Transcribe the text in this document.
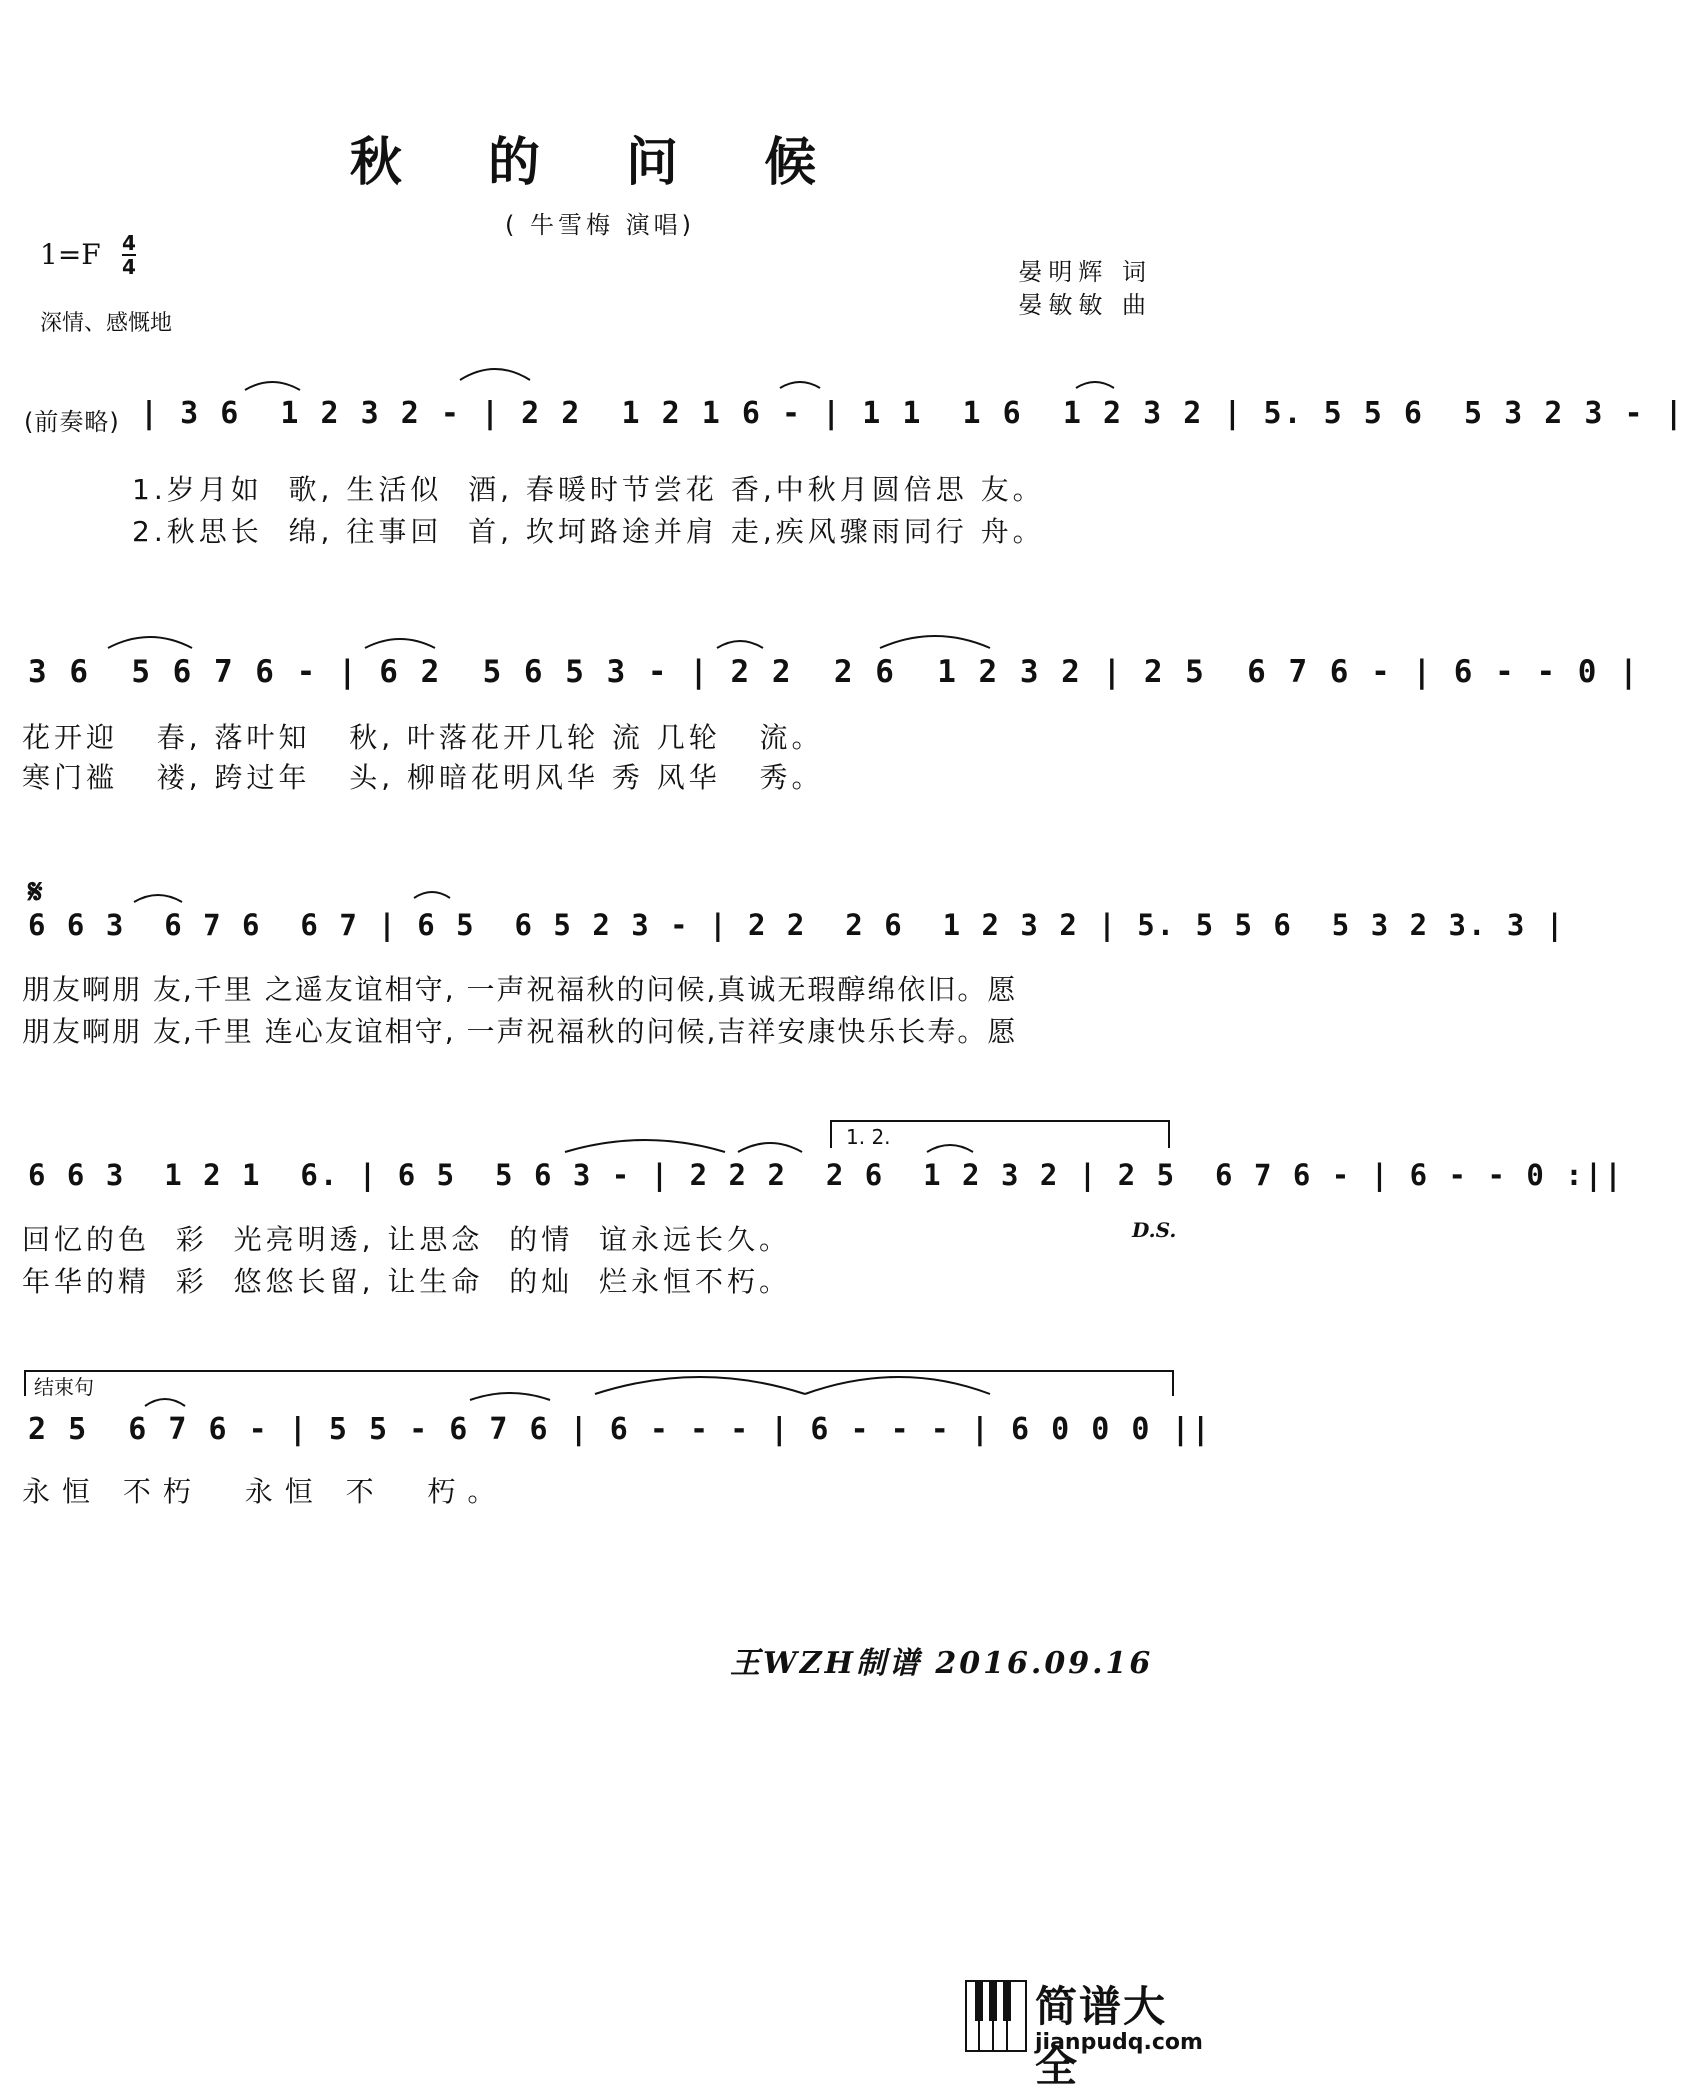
秋 的 问 候
( 牛雪梅 演唱)
1=F 4
4
深情、感慨地
晏明辉 词
晏敏敏 曲
(前奏略) | 3 6  1 2 3 2 - | 2 2  1 2 1 6 - | 1 1  1 6  1 2 3 2 | 5. 5 5 6  5 3 2 3 - |
1.岁月如  歌, 生活似  酒, 春暖时节尝花 香,中秋月圆倍思 友。
2.秋思长  绵, 往事回  首, 坎坷路途并肩 走,疾风骤雨同行 舟。
3 6  5 6 7 6 - | 6 2  5 6 5 3 - | 2 2  2 6  1 2 3 2 | 2 5  6 7 6 - | 6 - - 0 |
花开迎   春, 落叶知   秋, 叶落花开几轮 流 几轮   流。
寒门褴   褛, 跨过年   头, 柳暗花明风华 秀 风华   秀。
𝄋
6 6 3  6 7 6  6 7 | 6 5  6 5 2 3 - | 2 2  2 6  1 2 3 2 | 5. 5 5 6  5 3 2 3. 3 |
朋友啊朋 友,千里 之遥友谊相守, 一声祝福秋的问候,真诚无瑕醇绵依旧。愿
朋友啊朋 友,千里 连心友谊相守, 一声祝福秋的问候,吉祥安康快乐长寿。愿
1. 2.
6 6 3  1 2 1  6. | 6 5  5 6 3 - | 2 2 2  2 6  1 2 3 2 | 2 5  6 7 6 - | 6 - - 0 :||
D.S.
回忆的色  彩  光亮明透, 让思念  的情  谊永远长久。
年华的精  彩  悠悠长留, 让生命  的灿  烂永恒不朽。
结束句
2 5  6 7 6 - | 5 5 - 6 7 6 | 6 - - - | 6 - - - | 6 0 0 0 ||
永恒 不朽  永恒 不  朽。
王WZH制谱 2016.09.16
简谱大全
jianpudq.com
